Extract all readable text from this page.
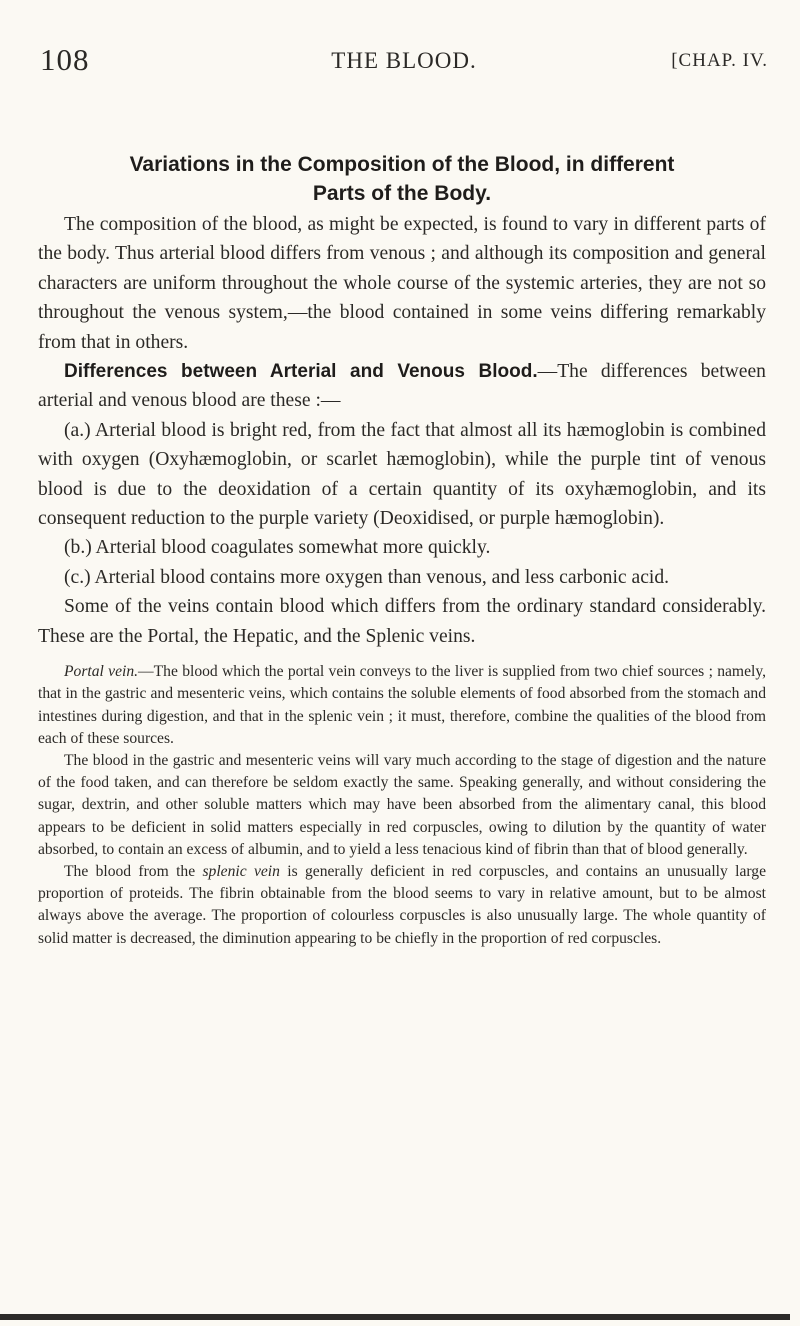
108	THE BLOOD.	[CHAP. IV.
Variations in the Composition of the Blood, in different
Parts of the Body.

The composition of the blood, as might be expected, is found to vary in different parts of the body. Thus arterial blood differs from venous ; and although its composition and general characters are uniform throughout the whole course of the systemic arteries, they are not so throughout the venous system,—the blood contained in some veins differing remarkably from that in others.

Differences between Arterial and Venous Blood.—The differences between arterial and venous blood are these :—

(a.) Arterial blood is bright red, from the fact that almost all its hæmoglobin is combined with oxygen (Oxyhæmoglobin, or scarlet hæmoglobin), while the purple tint of venous blood is due to the deoxidation of a certain quantity of its oxyhæmoglobin, and its consequent reduction to the purple variety (Deoxidised, or purple hæmoglobin).

(b.) Arterial blood coagulates somewhat more quickly.

(c.) Arterial blood contains more oxygen than venous, and less carbonic acid.

Some of the veins contain blood which differs from the ordinary standard considerably. These are the Portal, the Hepatic, and the Splenic veins.

Portal vein.—The blood which the portal vein conveys to the liver is supplied from two chief sources ; namely, that in the gastric and mesenteric veins, which contains the soluble elements of food absorbed from the stomach and intestines during digestion, and that in the splenic vein ; it must, therefore, combine the qualities of the blood from each of these sources.

The blood in the gastric and mesenteric veins will vary much according to the stage of digestion and the nature of the food taken, and can therefore be seldom exactly the same. Speaking generally, and without considering the sugar, dextrin, and other soluble matters which may have been absorbed from the alimentary canal, this blood appears to be deficient in solid matters especially in red corpuscles, owing to dilution by the quantity of water absorbed, to contain an excess of albumin, and to yield a less tenacious kind of fibrin than that of blood generally.

The blood from the splenic vein is generally deficient in red corpuscles, and contains an unusually large proportion of proteids. The fibrin obtainable from the blood seems to vary in relative amount, but to be almost always above the average. The proportion of colourless corpuscles is also unusually large. The whole quantity of solid matter is decreased, the diminution appearing to be chiefly in the proportion of red corpuscles.
